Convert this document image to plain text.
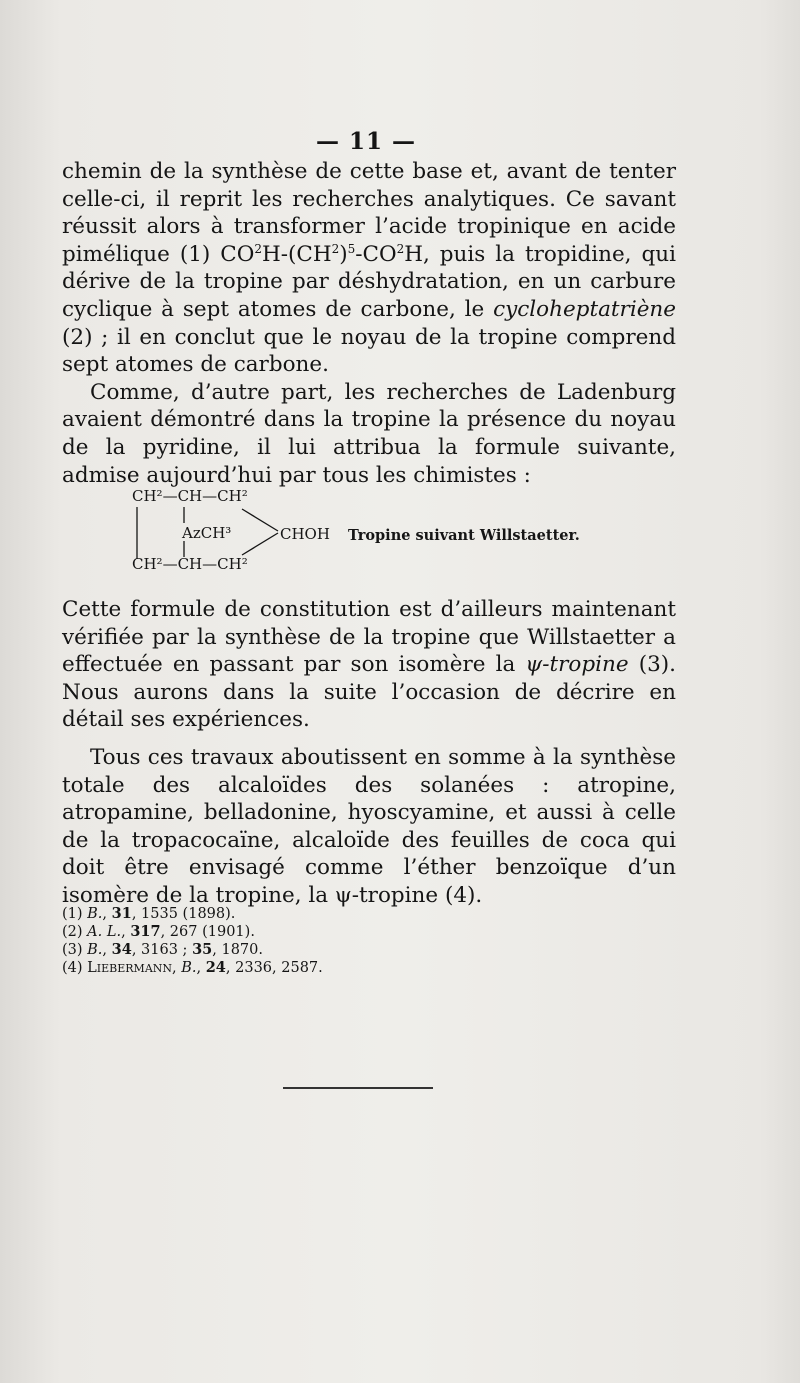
— 11 —

chemin de la synthèse de cette base et, avant de tenter celle-ci, il reprit les recherches analytiques. Ce savant réussit alors à transformer l’acide tropinique en acide pimélique (1) $CO^2H-(CH^2)^5-CO^2H$, puis la tropidine, qui dérive de la tropine par déshydratation, en un carbure cyclique à sept atomes de carbone, le cycloheptatriène (2) ; il en conclut que le noyau de la tropine comprend sept atomes de carbone.

Comme, d’autre part, les recherches de Ladenburg avaient démontré dans la tropine la présence du noyau de la pyridine, il lui attribua la formule suivante, admise aujourd’hui par tous les chimistes :

CH²—CH—CH²
AzCH³	CHOH Tropine suivant Willstaetter.
CH²—CH—CH²

Cette formule de constitution est d’ailleurs maintenant vérifiée par la synthèse de la tropine que Willstaetter a effectuée en passant par son isomère la ψ-tropine (3). Nous aurons dans la suite l’occasion de décrire en détail ses expériences.

Tous ces travaux aboutissent en somme à la synthèse totale des alcaloïdes des solanées : atropine, atropamine, belladonine, hyoscyamine, et aussi à celle de la tropacocaïne, alcaloïde des feuilles de coca qui doit être envisagé comme l’éther benzoïque d’un isomère de la tropine, la ψ-tropine (4).

(1) B., 31, 1535 (1898).
(2) A. L., 317, 267 (1901).
(3) B., 34, 3163 ; 35, 1870.
(4) LIEBERMANN, B., 24, 2336, 2587.
